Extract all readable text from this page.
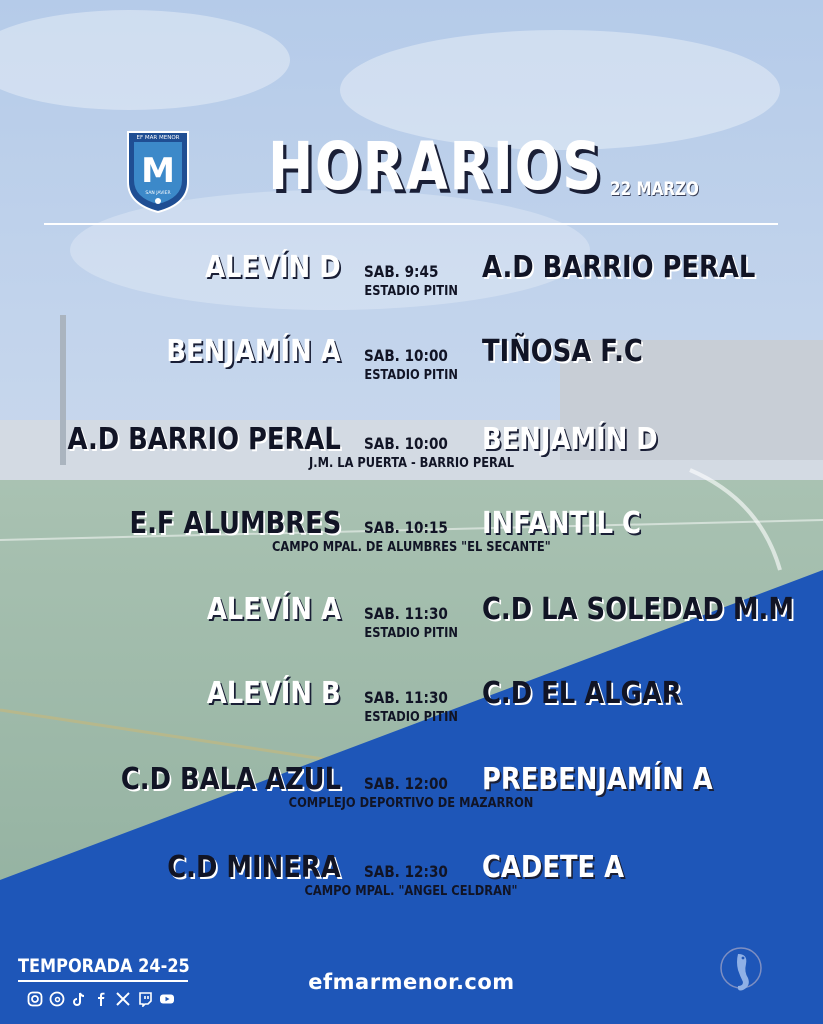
EF MAR MENOR
M
SAN JAVIER HORARIOS 22 MARZO
ALEVÍN D SAB. 9:45 A.D BARRIO PERAL
ESTADIO PITIN
BENJAMÍN A SAB. 10:00 TIÑOSA F.C
ESTADIO PITIN
A.D BARRIO PERAL SAB. 10:00 BENJAMÍN D
J.M. LA PUERTA - BARRIO PERAL
E.F ALUMBRES SAB. 10:15 INFANTIL C
CAMPO MPAL. DE ALUMBRES "EL SECANTE"
ALEVÍN A SAB. 11:30 C.D LA SOLEDAD M.M
ESTADIO PITIN
ALEVÍN B SAB. 11:30 C.D EL ALGAR
ESTADIO PITIN
C.D BALA AZUL SAB. 12:00 PREBENJAMÍN A
COMPLEJO DEPORTIVO DE MAZARRON
C.D MINERA SAB. 12:30 CADETE A
CAMPO MPAL. "ANGEL CELDRAN"
TEMPORADA 24-25
efmarmenor.com
